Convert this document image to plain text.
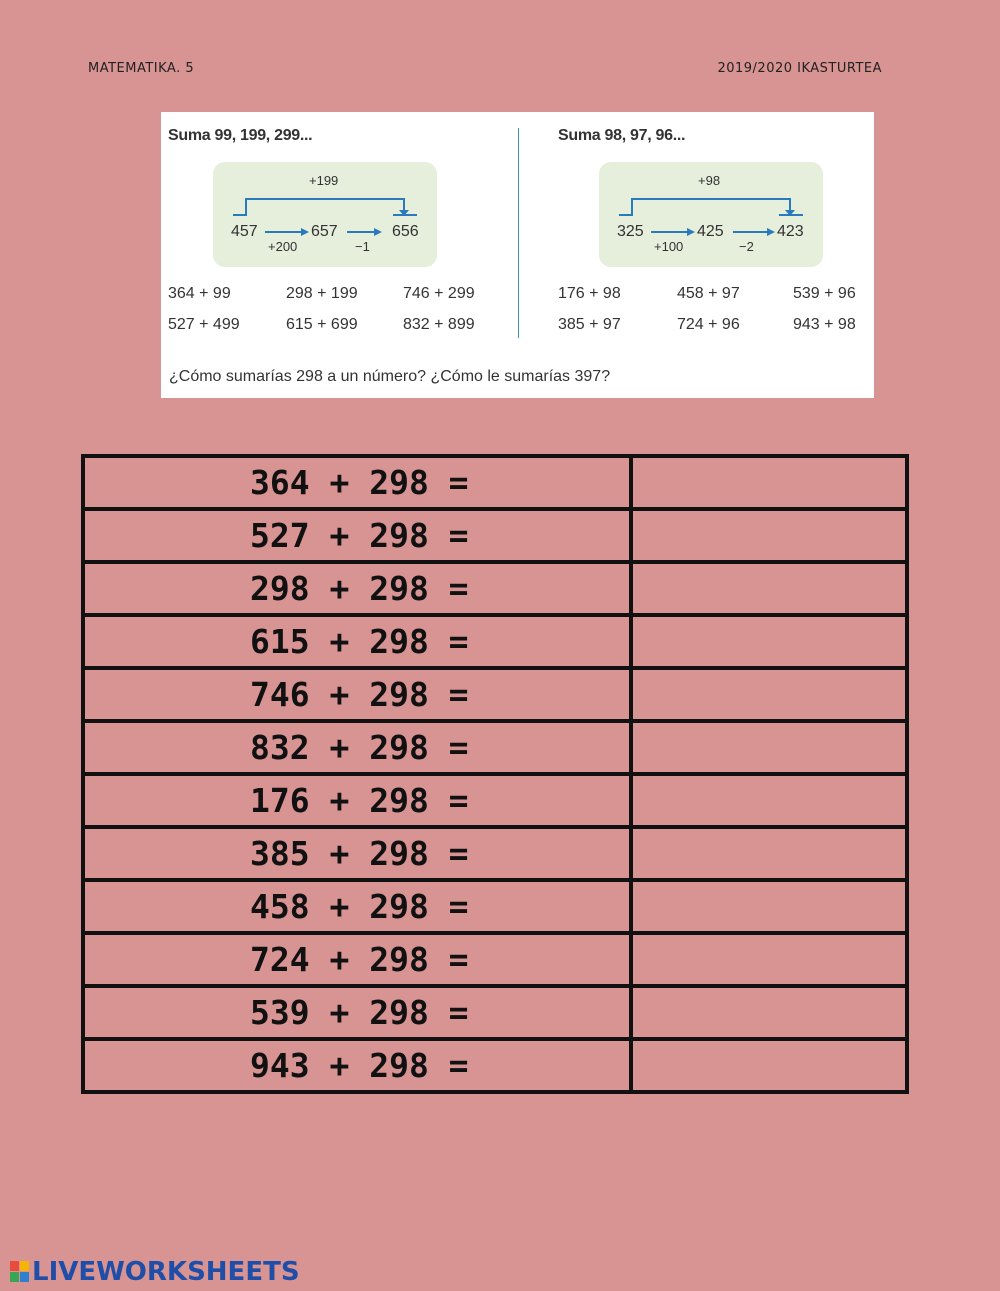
MATEMATIKA. 5	2019/2020 IKASTURTEA
Suma 99, 199, 299...
+199
457
+200
657
−1
656
364 + 99	298 + 199	746 + 299
527 + 499	615 + 699	832 + 899
Suma 98, 97, 96...
+98
325
+100
425
−2
423
176 + 98	458 + 97	539 + 96
385 + 97	724 + 96	943 + 98
¿Cómo sumarías 298 a un número? ¿Cómo le sumarías 397?
364 + 298 =	
527 + 298 =	
298 + 298 =	
615 + 298 =	
746 + 298 =	
832 + 298 =	
176 + 298 =	
385 + 298 =	
458 + 298 =	
724 + 298 =	
539 + 298 =	
943 + 298 =	
LIVEWORKSHEETS
